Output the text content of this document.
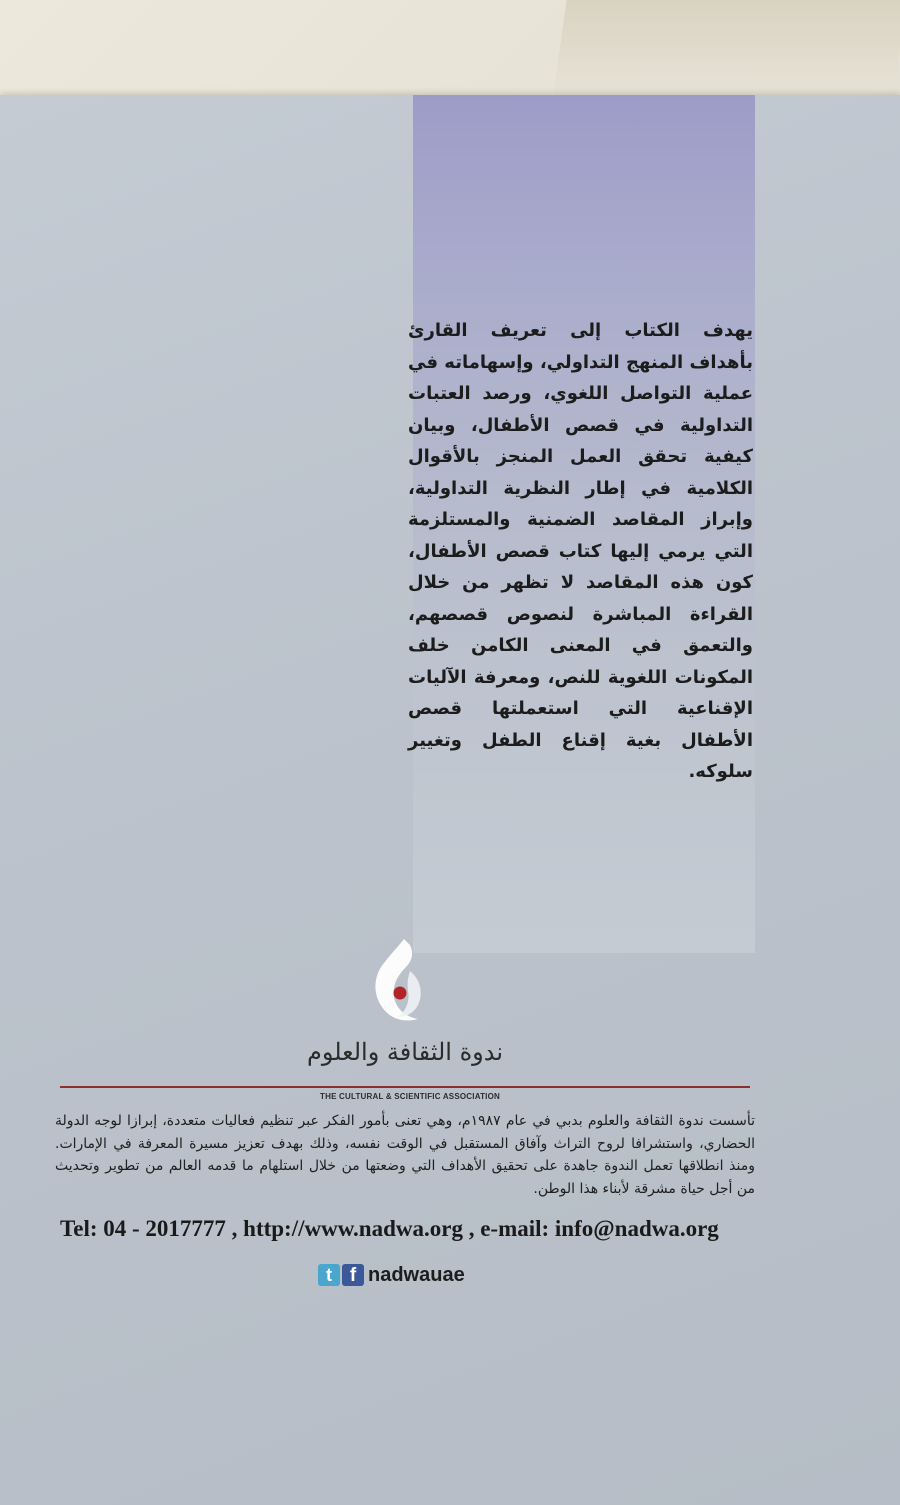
يهدف الكتاب إلى تعريف القارئ بأهداف المنهج التداولي، وإسهاماته في عملية التواصل اللغوي، ورصد العتبات التداولية في قصص الأطفال، وبيان كيفية تحقق العمل المنجز بالأقوال الكلامية في إطار النظرية التداولية، وإبراز المقاصد الضمنية والمستلزمة التي يرمي إليها كتاب قصص الأطفال، كون هذه المقاصد لا تظهر من خلال القراءة المباشرة لنصوص قصصهم، والتعمق في المعنى الكامن خلف المكونات اللغوية للنص، ومعرفة الآليات الإقناعية التي استعملتها قصص الأطفال بغية إقناع الطفل وتغيير سلوكه.

ندوة الثقافة والعلوم
THE CULTURAL & SCIENTIFIC ASSOCIATION

تأسست ندوة الثقافة والعلوم بدبي في عام ١٩٨٧م، وهي تعنى بأمور الفكر عبر تنظيم فعاليات متعددة، إبرازا لوجه الدولة الحضاري، واستشرافا لروح التراث وآفاق المستقبل في الوقت نفسه، وذلك بهدف تعزيز مسيرة المعرفة في الإمارات. ومنذ انطلاقها تعمل الندوة جاهدة على تحقيق الأهداف التي وضعتها من خلال استلهام ما قدمه العالم من تطوير وتحديث من أجل حياة مشرقة لأبناء هذا الوطن.

Tel: 04 - 2017777 , http://www.nadwa.org , e-mail: info@nadwa.org
t f nadwauae
